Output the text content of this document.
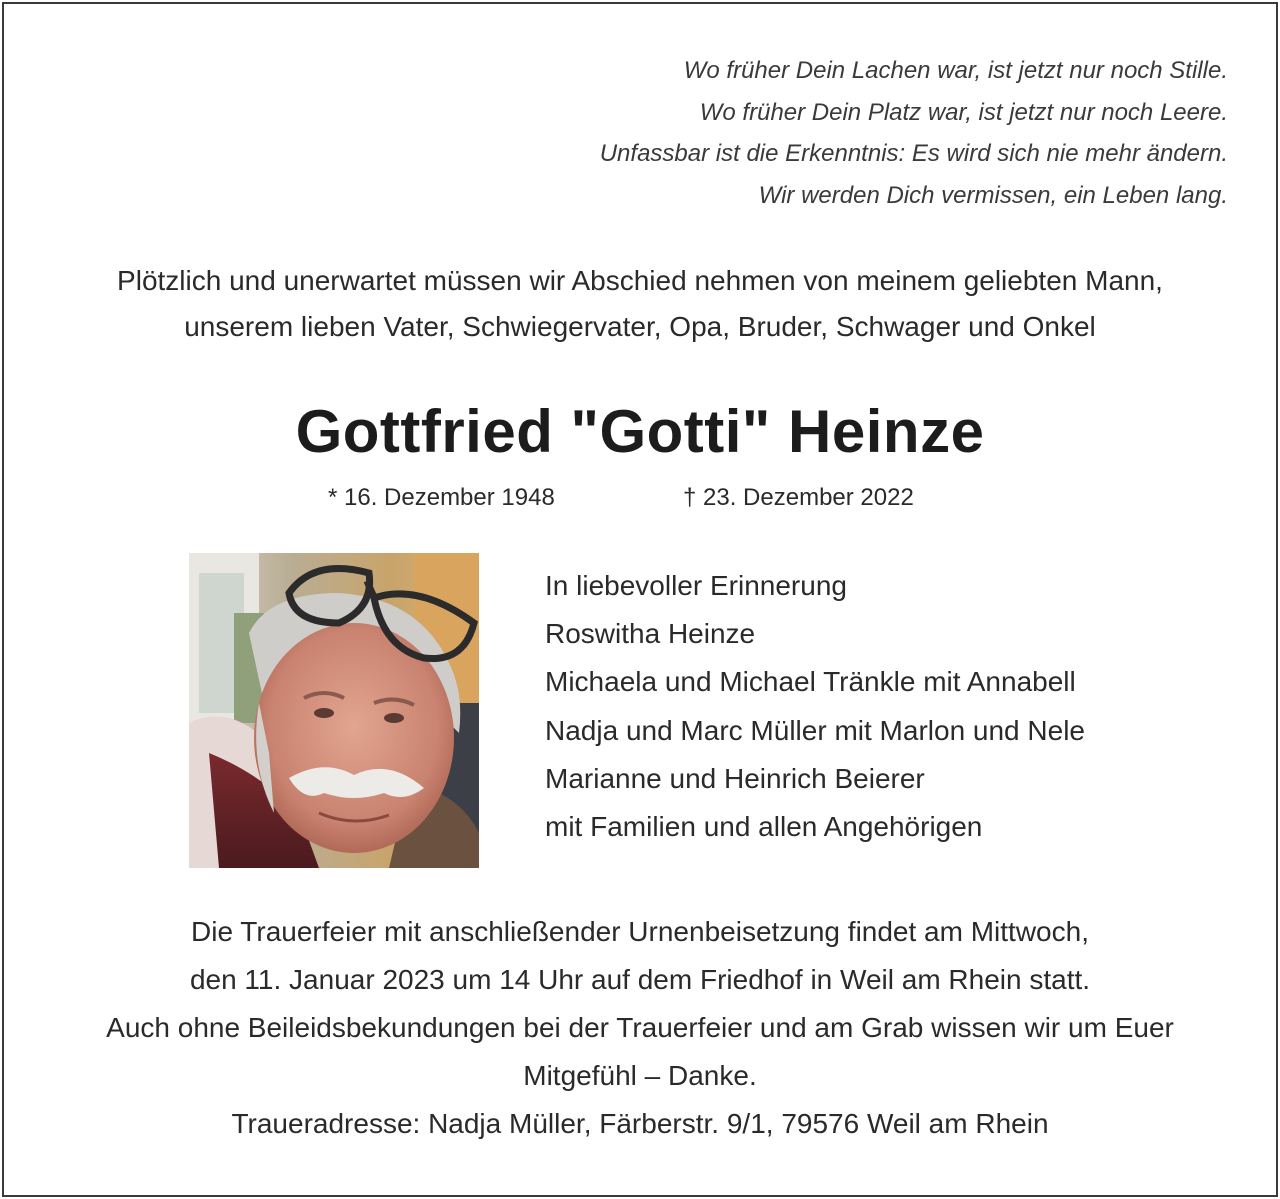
Wo früher Dein Lachen war, ist jetzt nur noch Stille.
Wo früher Dein Platz war, ist jetzt nur noch Leere.
Unfassbar ist die Erkenntnis: Es wird sich nie mehr ändern.
Wir werden Dich vermissen, ein Leben lang.
Plötzlich und unerwartet müssen wir Abschied nehmen von meinem geliebten Mann,
unserem lieben Vater, Schwiegervater, Opa, Bruder, Schwager und Onkel
Gottfried "Gotti" Heinze
* 16. Dezember 1948	† 23. Dezember 2022
In liebevoller Erinnerung
Roswitha Heinze
Michaela und Michael Tränkle mit Annabell
Nadja und Marc Müller mit Marlon und Nele
Marianne und Heinrich Beierer
mit Familien und allen Angehörigen
Die Trauerfeier mit anschließender Urnenbeisetzung findet am Mittwoch,
den 11. Januar 2023 um 14 Uhr auf dem Friedhof in Weil am Rhein statt.
Auch ohne Beileidsbekundungen bei der Trauerfeier und am Grab wissen wir um Euer
Mitgefühl – Danke.
Traueradresse: Nadja Müller, Färberstr. 9/1, 79576 Weil am Rhein
